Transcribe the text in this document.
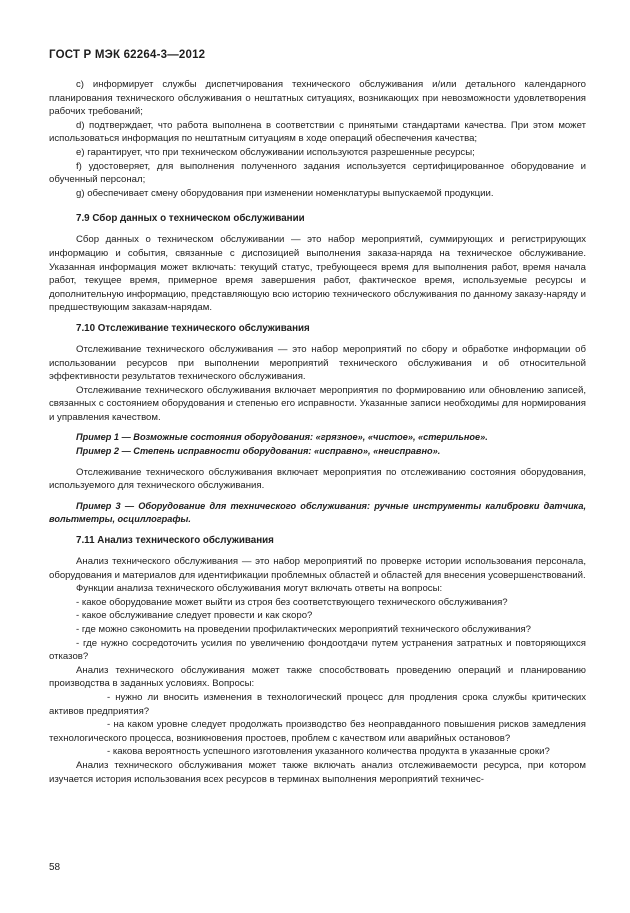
ГОСТ Р МЭК 62264-3—2012

c) информирует службы диспетчирования технического обслуживания и/или детального календарного планирования технического обслуживания о нештатных ситуациях, возникающих при невозможности удовлетворения рабочих требований;

d) подтверждает, что работа выполнена в соответствии с принятыми стандартами качества. При этом может использоваться информация по нештатным ситуациям в ходе операций обеспечения качества;

e) гарантирует, что при техническом обслуживании используются разрешенные ресурсы;

f) удостоверяет, для выполнения полученного задания используется сертифицированное оборудование и обученный персонал;

g) обеспечивает смену оборудования при изменении номенклатуры выпускаемой продукции.

7.9 Сбор данных о техническом обслуживании

Сбор данных о техническом обслуживании — это набор мероприятий, суммирующих и регистрирующих информацию и события, связанные с диспозицией выполнения заказа-наряда на техническое обслуживание. Указанная информация может включать: текущий статус, требующееся время для выполнения работ, время начала работ, текущее время, примерное время завершения работ, фактическое время, используемые ресурсы и дополнительную информацию, представляющую всю историю технического обслуживания по данному заказу-наряду и предшествующим заказам-нарядам.

7.10 Отслеживание технического обслуживания

Отслеживание технического обслуживания — это набор мероприятий по сбору и обработке информации об использовании ресурсов при выполнении мероприятий технического обслуживания и об относительной эффективности результатов технического обслуживания.

Отслеживание технического обслуживания включает мероприятия по формированию или обновлению записей, связанных с состоянием оборудования и степенью его исправности. Указанные записи необходимы для нормирования и управления качеством.

Пример 1 — Возможные состояния оборудования: «грязное», «чистое», «стерильное».

Пример 2 — Степень исправности оборудования: «исправно», «неисправно».

Отслеживание технического обслуживания включает мероприятия по отслеживанию состояния оборудования, используемого для технического обслуживания.

Пример 3 — Оборудование для технического обслуживания: ручные инструменты калибровки датчика, вольтметры, осциллографы.

7.11 Анализ технического обслуживания

Анализ технического обслуживания — это набор мероприятий по проверке истории использования персонала, оборудования и материалов для идентификации проблемных областей и областей для внесения усовершенствований.

Функции анализа технического обслуживания могут включать ответы на вопросы:

- какое оборудование может выйти из строя без соответствующего технического обслуживания?

- какое обслуживание следует провести и как скоро?

- где можно сэкономить на проведении профилактических мероприятий технического обслуживания?

- где нужно сосредоточить усилия по увеличению фондоотдачи путем устранения затратных и повторяющихся отказов?

Анализ технического обслуживания может также способствовать проведению операций и планированию производства в заданных условиях. Вопросы:

- нужно ли вносить изменения в технологический процесс для продления срока службы критических активов предприятия?

- на каком уровне следует продолжать производство без неоправданного повышения рисков замедления технологического процесса, возникновения простоев, проблем с качеством или аварийных остановов?

- какова вероятность успешного изготовления указанного количества продукта в указанные сроки?

Анализ технического обслуживания может также включать анализ отслеживаемости ресурса, при котором изучается история использования всех ресурсов в терминах выполнения мероприятий техничес-

58
